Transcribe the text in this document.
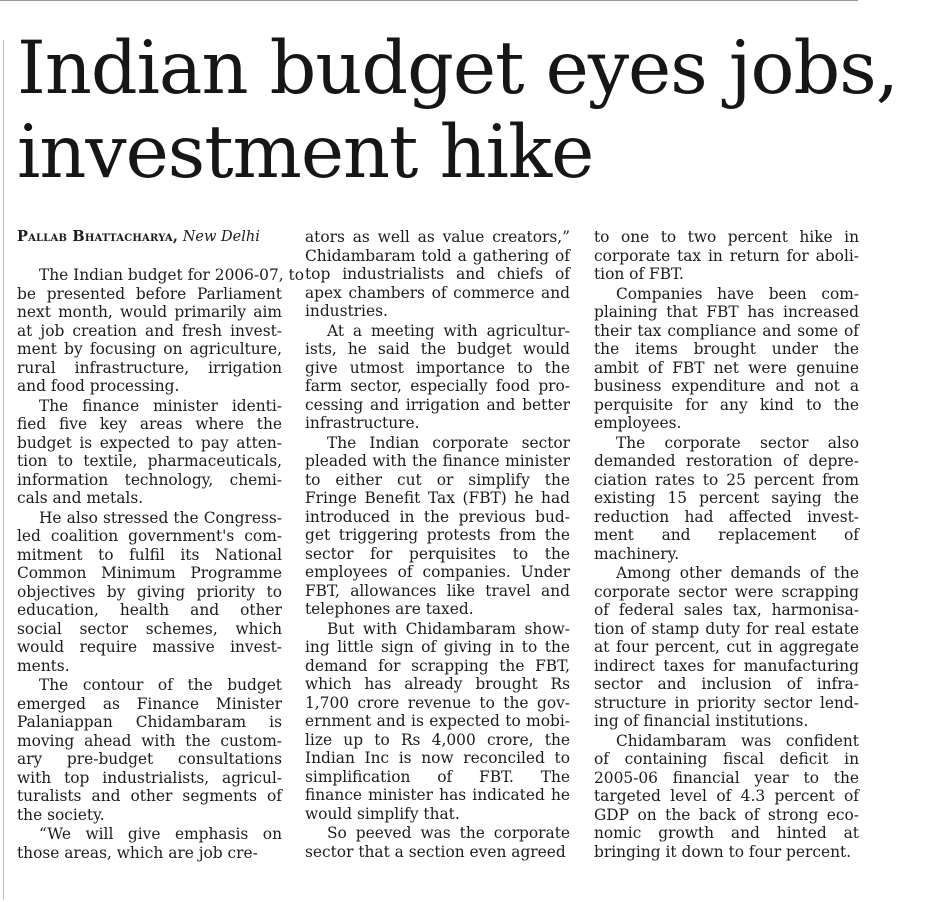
Indian budget eyes jobs,
investment hike
Pallab Bhattacharya, New Delhi
The Indian budget for 2006-07, to
be presented before Parliament
next month, would primarily aim
at job creation and fresh invest-
ment by focusing on agriculture,
rural infrastructure, irrigation
and food processing.
The finance minister identi-
fied five key areas where the
budget is expected to pay atten-
tion to textile, pharmaceuticals,
information technology, chemi-
cals and metals.
He also stressed the Congress-
led coalition government's com-
mitment to fulfil its National
Common Minimum Programme
objectives by giving priority to
education, health and other
social sector schemes, which
would require massive invest-
ments.
The contour of the budget
emerged as Finance Minister
Palaniappan Chidambaram is
moving ahead with the custom-
ary pre-budget consultations
with top industrialists, agricul-
turalists and other segments of
the society.
“We will give emphasis on
those areas, which are job cre-
ators as well as value creators,”
Chidambaram told a gathering of
top industrialists and chiefs of
apex chambers of commerce and
industries.
At a meeting with agricultur-
ists, he said the budget would
give utmost importance to the
farm sector, especially food pro-
cessing and irrigation and better
infrastructure.
The Indian corporate sector
pleaded with the finance minister
to either cut or simplify the
Fringe Benefit Tax (FBT) he had
introduced in the previous bud-
get triggering protests from the
sector for perquisites to the
employees of companies. Under
FBT, allowances like travel and
telephones are taxed.
But with Chidambaram show-
ing little sign of giving in to the
demand for scrapping the FBT,
which has already brought Rs
1,700 crore revenue to the gov-
ernment and is expected to mobi-
lize up to Rs 4,000 crore, the
Indian Inc is now reconciled to
simplification of FBT. The
finance minister has indicated he
would simplify that.
So peeved was the corporate
sector that a section even agreed
to one to two percent hike in
corporate tax in return for aboli-
tion of FBT.
Companies have been com-
plaining that FBT has increased
their tax compliance and some of
the items brought under the
ambit of FBT net were genuine
business expenditure and not a
perquisite for any kind to the
employees.
The corporate sector also
demanded restoration of depre-
ciation rates to 25 percent from
existing 15 percent saying the
reduction had affected invest-
ment and replacement of
machinery.
Among other demands of the
corporate sector were scrapping
of federal sales tax, harmonisa-
tion of stamp duty for real estate
at four percent, cut in aggregate
indirect taxes for manufacturing
sector and inclusion of infra-
structure in priority sector lend-
ing of financial institutions.
Chidambaram was confident
of containing fiscal deficit in
2005-06 financial year to the
targeted level of 4.3 percent of
GDP on the back of strong eco-
nomic growth and hinted at
bringing it down to four percent.
